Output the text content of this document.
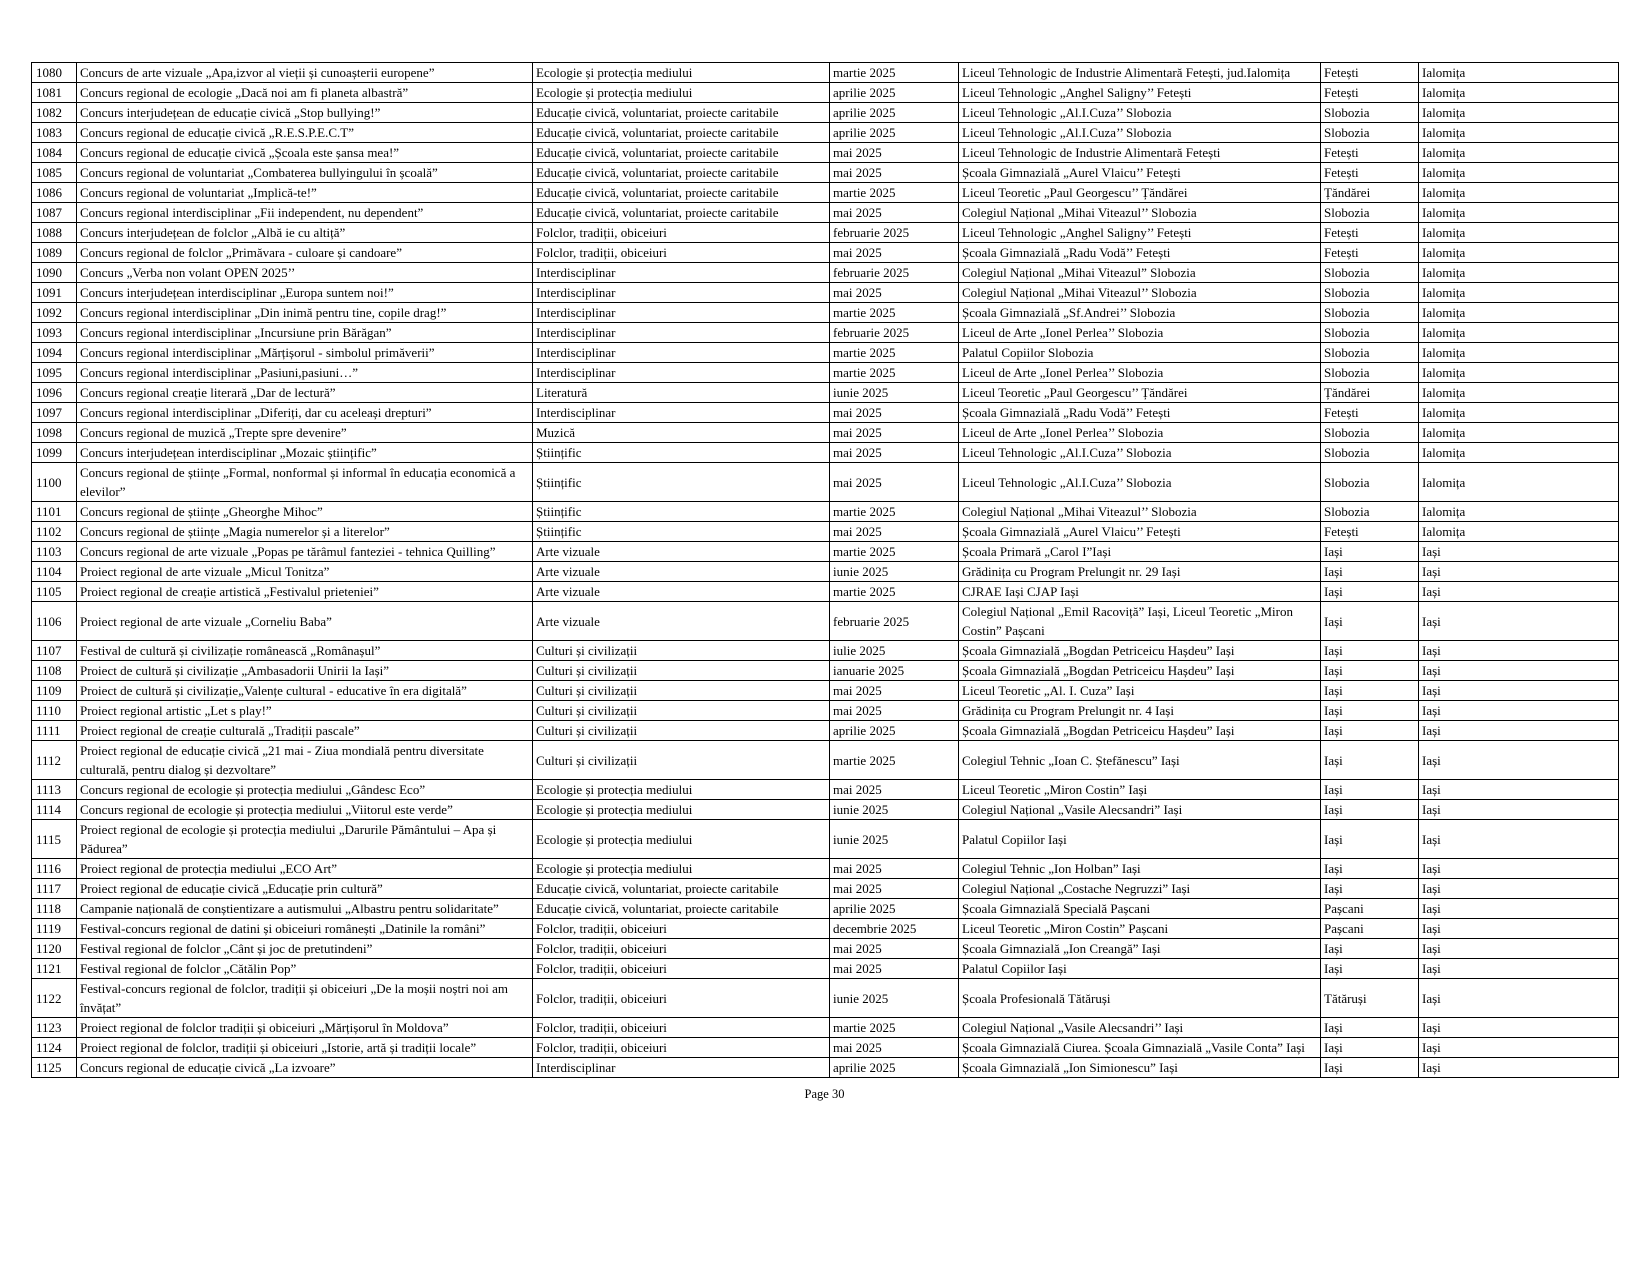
1080	Concurs de arte vizuale „Apa,izvor al vieții și cunoașterii europene”	Ecologie și protecția mediului	martie 2025	Liceul Tehnologic de Industrie Alimentară Fetești, jud.Ialomița	Fetești	Ialomița
1081	Concurs regional de ecologie „Dacă noi am fi planeta albastră”	Ecologie și protecția mediului	aprilie 2025	Liceul Tehnologic „Anghel Saligny’’ Fetești	Fetești	Ialomița
1082	Concurs interjudețean de educație civică „Stop bullying!”	Educație civică, voluntariat, proiecte caritabile	aprilie 2025	Liceul Tehnologic „Al.I.Cuza’’ Slobozia	Slobozia	Ialomița
1083	Concurs regional de educație civică „R.E.S.P.E.C.T”	Educație civică, voluntariat, proiecte caritabile	aprilie 2025	Liceul Tehnologic „Al.I.Cuza’’ Slobozia	Slobozia	Ialomița
1084	Concurs regional de educație civică „Școala este șansa mea!”	Educație civică, voluntariat, proiecte caritabile	mai 2025	Liceul Tehnologic de Industrie Alimentară Fetești	Fetești	Ialomița
1085	Concurs regional de voluntariat „Combaterea bullyingului în școală”	Educație civică, voluntariat, proiecte caritabile	mai 2025	Școala Gimnazială „Aurel Vlaicu’’ Fetești	Fetești	Ialomița
1086	Concurs regional de voluntariat „Implică-te!”	Educație civică, voluntariat, proiecte caritabile	martie 2025	Liceul Teoretic „Paul Georgescu’’ Țăndărei	Țăndărei	Ialomița
1087	Concurs regional interdisciplinar „Fii independent, nu dependent”	Educație civică, voluntariat, proiecte caritabile	mai 2025	Colegiul Național „Mihai Viteazul’’ Slobozia	Slobozia	Ialomița
1088	Concurs interjudețean de folclor „Albă ie cu altiță”	Folclor, tradiții, obiceiuri	februarie 2025	Liceul Tehnologic „Anghel Saligny’’ Fetești	Fetești	Ialomița
1089	Concurs regional de folclor „Primăvara - culoare și candoare”	Folclor, tradiții, obiceiuri	mai 2025	Școala Gimnazială „Radu Vodă’’ Fetești	Fetești	Ialomița
1090	Concurs „Verba non volant OPEN 2025’’	Interdisciplinar	februarie 2025	Colegiul Național „Mihai Viteazul” Slobozia	Slobozia	Ialomița
1091	Concurs interjudețean interdisciplinar „Europa suntem noi!”	Interdisciplinar	mai 2025	Colegiul Național „Mihai Viteazul’’ Slobozia	Slobozia	Ialomița
1092	Concurs regional interdisciplinar „Din inimă pentru tine, copile drag!”	Interdisciplinar	martie 2025	Școala Gimnazială „Sf.Andrei’’ Slobozia	Slobozia	Ialomița
1093	Concurs regional interdisciplinar „Incursiune prin Bărăgan”	Interdisciplinar	februarie 2025	Liceul de Arte „Ionel Perlea’’ Slobozia	Slobozia	Ialomița
1094	Concurs regional interdisciplinar „Mărțișorul - simbolul primăverii”	Interdisciplinar	martie 2025	Palatul Copiilor Slobozia	Slobozia	Ialomița
1095	Concurs regional interdisciplinar „Pasiuni,pasiuni…”	Interdisciplinar	martie 2025	Liceul de Arte „Ionel Perlea’’ Slobozia	Slobozia	Ialomița
1096	Concurs regional creație literară „Dar de lectură”	Literatură	iunie 2025	Liceul Teoretic „Paul Georgescu’’ Țăndărei	Țăndărei	Ialomița
1097	Concurs regional interdisciplinar „Diferiți, dar cu aceleași drepturi”	Interdisciplinar	mai 2025	Școala Gimnazială „Radu Vodă’’ Fetești	Fetești	Ialomița
1098	Concurs regional de muzică „Trepte spre devenire”	Muzică	mai 2025	Liceul de Arte „Ionel Perlea’’ Slobozia	Slobozia	Ialomița
1099	Concurs interjudețean interdisciplinar „Mozaic științific”	Științific	mai 2025	Liceul Tehnologic „Al.I.Cuza’’ Slobozia	Slobozia	Ialomița
1100	Concurs regional de științe „Formal, nonformal și informal în educația economică a elevilor”	Științific	mai 2025	Liceul Tehnologic „Al.I.Cuza’’ Slobozia	Slobozia	Ialomița
1101	Concurs regional de științe „Gheorghe Mihoc”	Științific	martie 2025	Colegiul Național „Mihai Viteazul’’ Slobozia	Slobozia	Ialomița
1102	Concurs regional de științe „Magia numerelor și a literelor”	Științific	mai 2025	Școala Gimnazială „Aurel Vlaicu’’ Fetești	Fetești	Ialomița
1103	Concurs regional de arte vizuale „Popas pe tărâmul fanteziei - tehnica Quilling”	Arte vizuale	martie 2025	Școala Primară „Carol I”Iași	Iași	Iași
1104	Proiect regional de arte vizuale „Micul Tonitza”	Arte vizuale	iunie 2025	Grădinița cu Program Prelungit nr. 29 Iași	Iași	Iași
1105	Proiect regional de creație artistică „Festivalul prieteniei”	Arte vizuale	martie 2025	CJRAE Iași CJAP Iași	Iași	Iași
1106	Proiect regional de arte vizuale „Corneliu Baba”	Arte vizuale	februarie 2025	Colegiul Național „Emil Racoviță” Iași, Liceul Teoretic „Miron Costin” Pașcani	Iași	Iași
1107	Festival de cultură și civilizație românească „Românașul”	Culturi și civilizații	iulie 2025	Școala Gimnazială „Bogdan Petriceicu Hașdeu” Iași	Iași	Iași
1108	Proiect de cultură și civilizație „Ambasadorii Unirii la Iași”	Culturi și civilizații	ianuarie 2025	Școala Gimnazială „Bogdan Petriceicu Hașdeu” Iași	Iași	Iași
1109	Proiect de cultură și civilizație„Valențe cultural - educative în era digitală”	Culturi și civilizații	mai 2025	Liceul Teoretic „Al. I. Cuza” Iași	Iași	Iași
1110	Proiect regional artistic „Let s play!”	Culturi și civilizații	mai 2025	Grădinița cu Program Prelungit nr. 4 Iași	Iași	Iași
1111	Proiect regional de creație culturală „Tradiții pascale”	Culturi și civilizații	aprilie 2025	Școala Gimnazială „Bogdan Petriceicu Hașdeu” Iași	Iași	Iași
1112	Proiect regional de educație civică „21 mai - Ziua mondială pentru diversitate culturală, pentru dialog și dezvoltare”	Culturi și civilizații	martie 2025	Colegiul Tehnic „Ioan C. Ștefănescu” Iași	Iași	Iași
1113	Concurs regional de ecologie și protecția mediului „Gândesc Eco”	Ecologie și protecția mediului	mai 2025	Liceul Teoretic „Miron Costin” Iași	Iași	Iași
1114	Concurs regional de ecologie și protecția mediului „Viitorul este verde”	Ecologie și protecția mediului	iunie 2025	Colegiul Național „Vasile Alecsandri” Iași	Iași	Iași
1115	Proiect regional de ecologie și protecția mediului „Darurile Pământului – Apa și Pădurea”	Ecologie și protecția mediului	iunie 2025	Palatul Copiilor Iași	Iași	Iași
1116	Proiect regional de protecția mediului „ECO Art”	Ecologie și protecția mediului	mai 2025	Colegiul Tehnic „Ion Holban” Iași	Iași	Iași
1117	Proiect regional de educație civică „Educație prin cultură”	Educație civică, voluntariat, proiecte caritabile	mai 2025	Colegiul Național „Costache Negruzzi” Iași	Iași	Iași
1118	Campanie națională de conștientizare a autismului „Albastru pentru solidaritate”	Educație civică, voluntariat, proiecte caritabile	aprilie 2025	Școala Gimnazială Specială Pașcani	Pașcani	Iași
1119	Festival-concurs regional de datini și obiceiuri românești „Datinile la români”	Folclor, tradiții, obiceiuri	decembrie 2025	Liceul Teoretic „Miron Costin” Pașcani	Pașcani	Iași
1120	Festival regional de folclor „Cânt și joc de pretutindeni”	Folclor, tradiții, obiceiuri	mai 2025	Școala Gimnazială „Ion Creangă” Iași	Iași	Iași
1121	Festival regional de folclor „Cătălin Pop”	Folclor, tradiții, obiceiuri	mai 2025	Palatul Copiilor Iași	Iași	Iași
1122	Festival-concurs regional de folclor, tradiții și obiceiuri „De la moșii noștri noi am învățat”	Folclor, tradiții, obiceiuri	iunie 2025	Școala Profesională Tătăruși	Tătăruși	Iași
1123	Proiect regional de folclor tradiții și obiceiuri „Mărțișorul în Moldova”	Folclor, tradiții, obiceiuri	martie 2025	Colegiul Național „Vasile Alecsandri’’ Iași	Iași	Iași
1124	Proiect regional de folclor, tradiții și obiceiuri „Istorie, artă și tradiții locale”	Folclor, tradiții, obiceiuri	mai 2025	Școala Gimnazială Ciurea. Școala Gimnazială „Vasile Conta” Iași	Iași	Iași
1125	Concurs regional de educație civică „La izvoare”	Interdisciplinar	aprilie 2025	Școala Gimnazială „Ion Simionescu” Iași	Iași	Iași
Page 30
